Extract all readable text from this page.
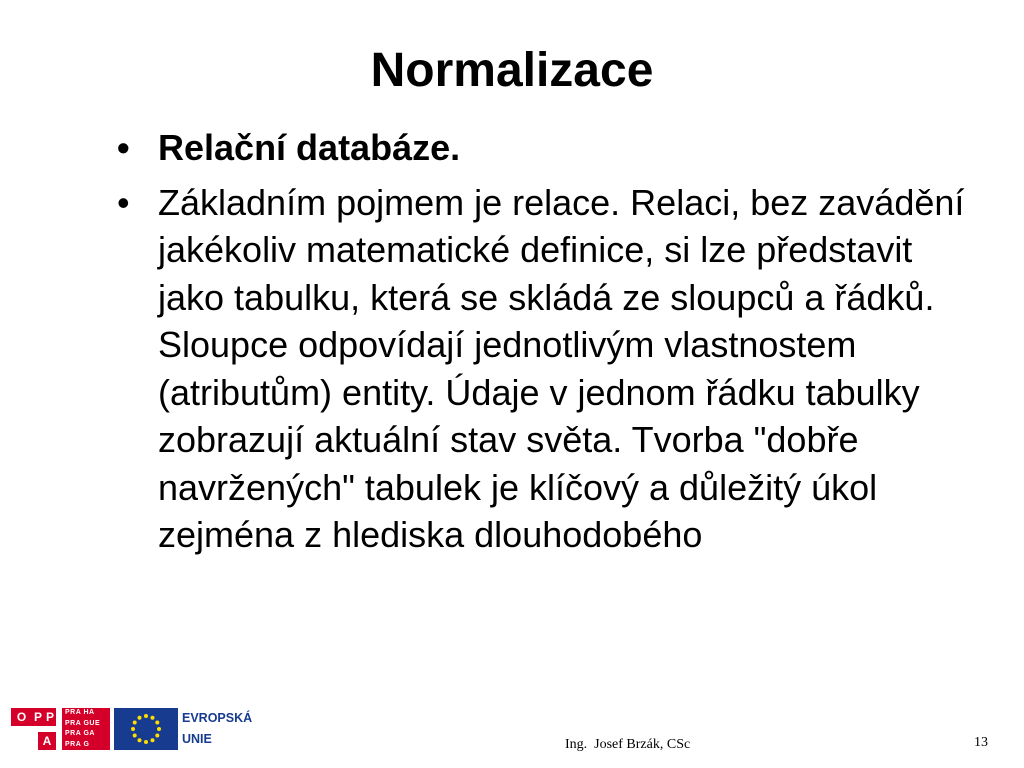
Normalizace
• Relační databáze.
• Základním pojmem je relace. Relaci, bez zavádění jakékoliv matematické definice, si lze představit jako tabulku, která se skládá ze sloupců a řádků. Sloupce odpovídají jednotlivým vlastnostem (atributům) entity. Údaje v jednom řádku tabulky zobrazují aktuální stav světa. Tvorba "dobře navržených" tabulek je klíčový a důležitý úkol zejména z hlediska dlouhodobého
O P P
A
PRA HA
PRA GUE
PRA GA
PRA G
EVROPSKÁ
UNIE	Ing.  Josef Brzák, CSc	13
